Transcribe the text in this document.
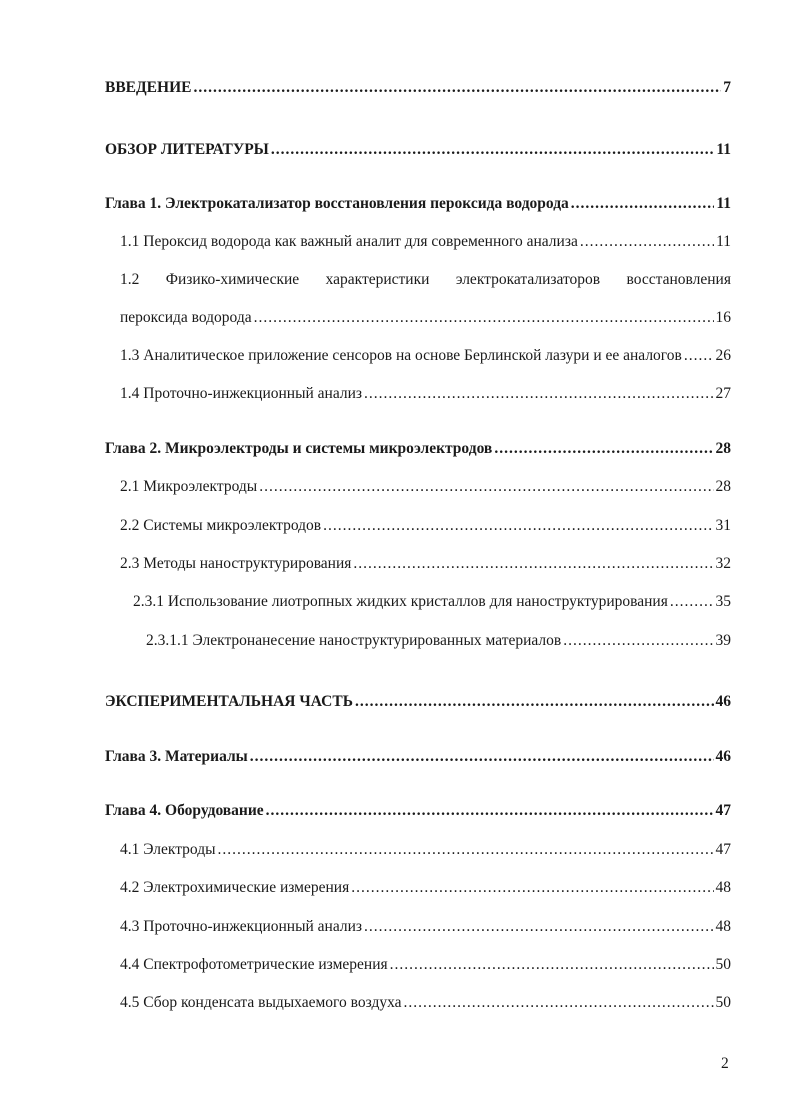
ВВЕДЕНИЕ .....	7
ОБЗОР ЛИТЕРАТУРЫ .....	11
Глава 1. Электрокатализатор восстановления пероксида водорода .....	11
1.1 Пероксид водорода как важный аналит для современного анализа .....	11
1.2 Физико-химические характеристики электрокатализаторов восстановления
пероксида водорода .....	16
1.3 Аналитическое приложение сенсоров на основе Берлинской лазури и ее аналогов ..... 26
1.4 Проточно-инжекционный анализ .....	27
Глава 2. Микроэлектроды и системы микроэлектродов .....	28
2.1 Микроэлектроды .....	28
2.2 Системы микроэлектродов .....	31
2.3 Методы наноструктурирования .....	32
2.3.1 Использование лиотропных жидких кристаллов для наноструктурирования .....	35
2.3.1.1 Электронанесение наноструктурированных материалов .....	39
ЭКСПЕРИМЕНТАЛЬНАЯ ЧАСТЬ .....	46
Глава 3. Материалы .....	46
Глава 4. Оборудование .....	47
4.1 Электроды .....	47
4.2 Электрохимические измерения .....	48
4.3 Проточно-инжекционный анализ .....	48
4.4 Спектрофотометрические измерения .....	50
4.5 Сбор конденсата выдыхаемого воздуха .....	50
2
